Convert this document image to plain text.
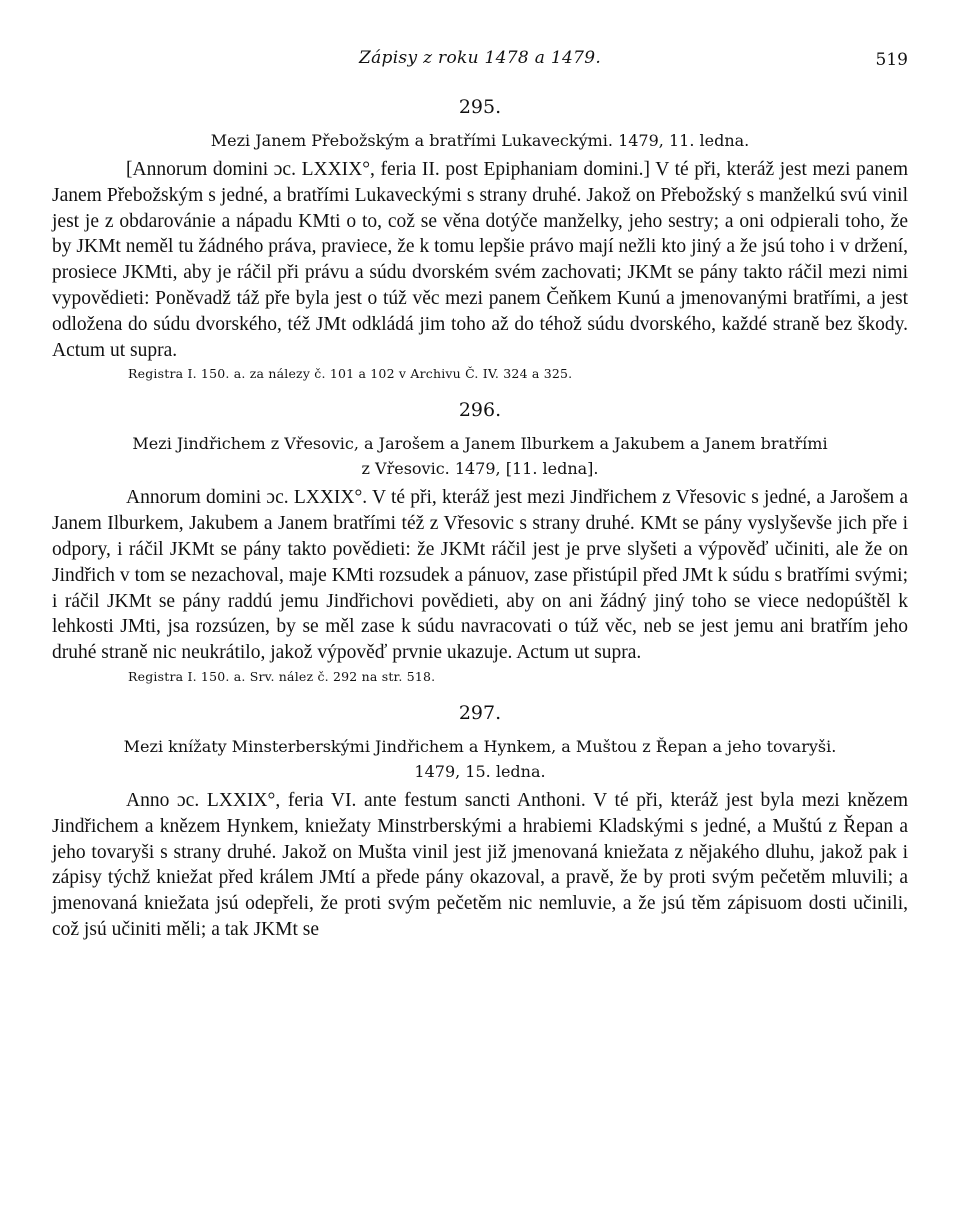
Zápisy z roku 1478 a 1479.	519
295.
Mezi Janem Přebožským a bratřími Lukaveckými. 1479, 11. ledna.

[Annorum domini ɔc. LXXIX°, feria II. post Epiphaniam domini.] V té při, kteráž jest mezi panem Janem Přebožským s jedné, a bratřími Lukaveckými s strany druhé. Jakož on Přebožský s manželkú svú vinil jest je z obdarovánie a nápadu KMti o to, což se věna dotýče manželky, jeho sestry; a oni odpierali toho, že by JKMt neměl tu žádného práva, praviece, že k tomu lepšie právo mají nežli kto jiný a že jsú toho i v držení, prosiece JKMti, aby je ráčil při právu a súdu dvorském svém zachovati; JKMt se pány takto ráčil mezi nimi vypovědieti: Poněvadž táž pře byla jest o túž věc mezi panem Čeňkem Kunú a jmenovanými bratřími, a jest odložena do súdu dvorského, též JMt odkládá jim toho až do téhož súdu dvorského, každé straně bez škody. Actum ut supra.

Registra I. 150. a. za nálezy č. 101 a 102 v Archivu Č. IV. 324 a 325.
296.
Mezi Jindřichem z Vřesovic, a Jarošem a Janem Ilburkem a Jakubem a Janem bratřími
z Vřesovic. 1479, [11. ledna].

Annorum domini ɔc. LXXIX°. V té při, kteráž jest mezi Jindřichem z Vřesovic s jedné, a Jarošem a Janem Ilburkem, Jakubem a Janem bratřími též z Vřesovic s strany druhé. KMt se pány vyslyševše jich pře i odpory, i ráčil JKMt se pány takto povědieti: že JKMt ráčil jest je prve slyšeti a výpověď učiniti, ale že on Jindřich v tom se nezachoval, maje KMti rozsudek a pánuov, zase přistúpil před JMt k súdu s bratřími svými; i ráčil JKMt se pány raddú jemu Jindřichovi povědieti, aby on ani žádný jiný toho se viece nedopúštěl k lehkosti JMti, jsa rozsúzen, by se měl zase k súdu navracovati o túž věc, neb se jest jemu ani bratřím jeho druhé straně nic neukrátilo, jakož výpověď prvnie ukazuje. Actum ut supra.

Registra I. 150. a. Srv. nález č. 292 na str. 518.
297.
Mezi knížaty Minsterberskými Jindřichem a Hynkem, a Muštou z Řepan a jeho tovaryši.
1479, 15. ledna.

Anno ɔc. LXXIX°, feria VI. ante festum sancti Anthoni. V té při, kteráž jest byla mezi knězem Jindřichem a knězem Hynkem, kniežaty Minstrberskými a hrabiemi Kladskými s jedné, a Muštú z Řepan a jeho tovaryši s strany druhé. Jakož on Mušta vinil jest již jmenovaná kniežata z nějakého dluhu, jakož pak i zápisy týchž kniežat před králem JMtí a přede pány okazoval, a pravě, že by proti svým pečetěm mluvili; a jmenovaná kniežata jsú odepřeli, že proti svým pečetěm nic nemluvie, a že jsú těm zápisuom dosti učinili, což jsú učiniti měli; a tak JKMt se
